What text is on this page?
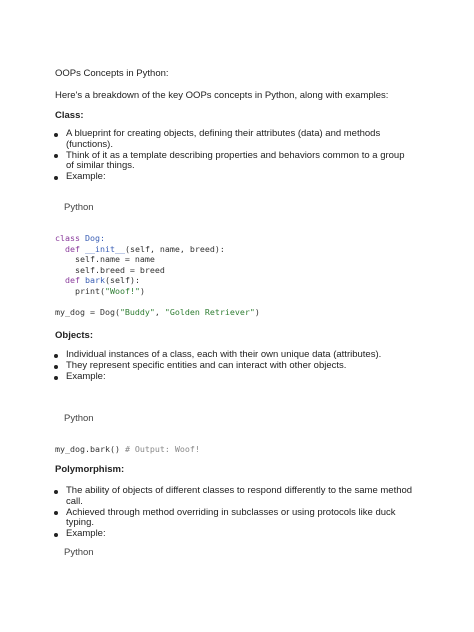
OOPs Concepts in Python:
Here's a breakdown of the key OOPs concepts in Python, along with examples:
Class:
A blueprint for creating objects, defining their attributes (data) and methods (functions).
Think of it as a template describing properties and behaviors common to a group of similar things.
Example:
Python
class Dog:
def __init__(self, name, breed):
self.name = name
self.breed = breed
def bark(self):
print("Woof!")

my_dog = Dog("Buddy", "Golden Retriever")
Objects:
Individual instances of a class, each with their own unique data (attributes).
They represent specific entities and can interact with other objects.
Example:
Python
my_dog.bark() # Output: Woof!
Polymorphism:
The ability of objects of different classes to respond differently to the same method call.
Achieved through method overriding in subclasses or using protocols like duck typing.
Example:
Python
